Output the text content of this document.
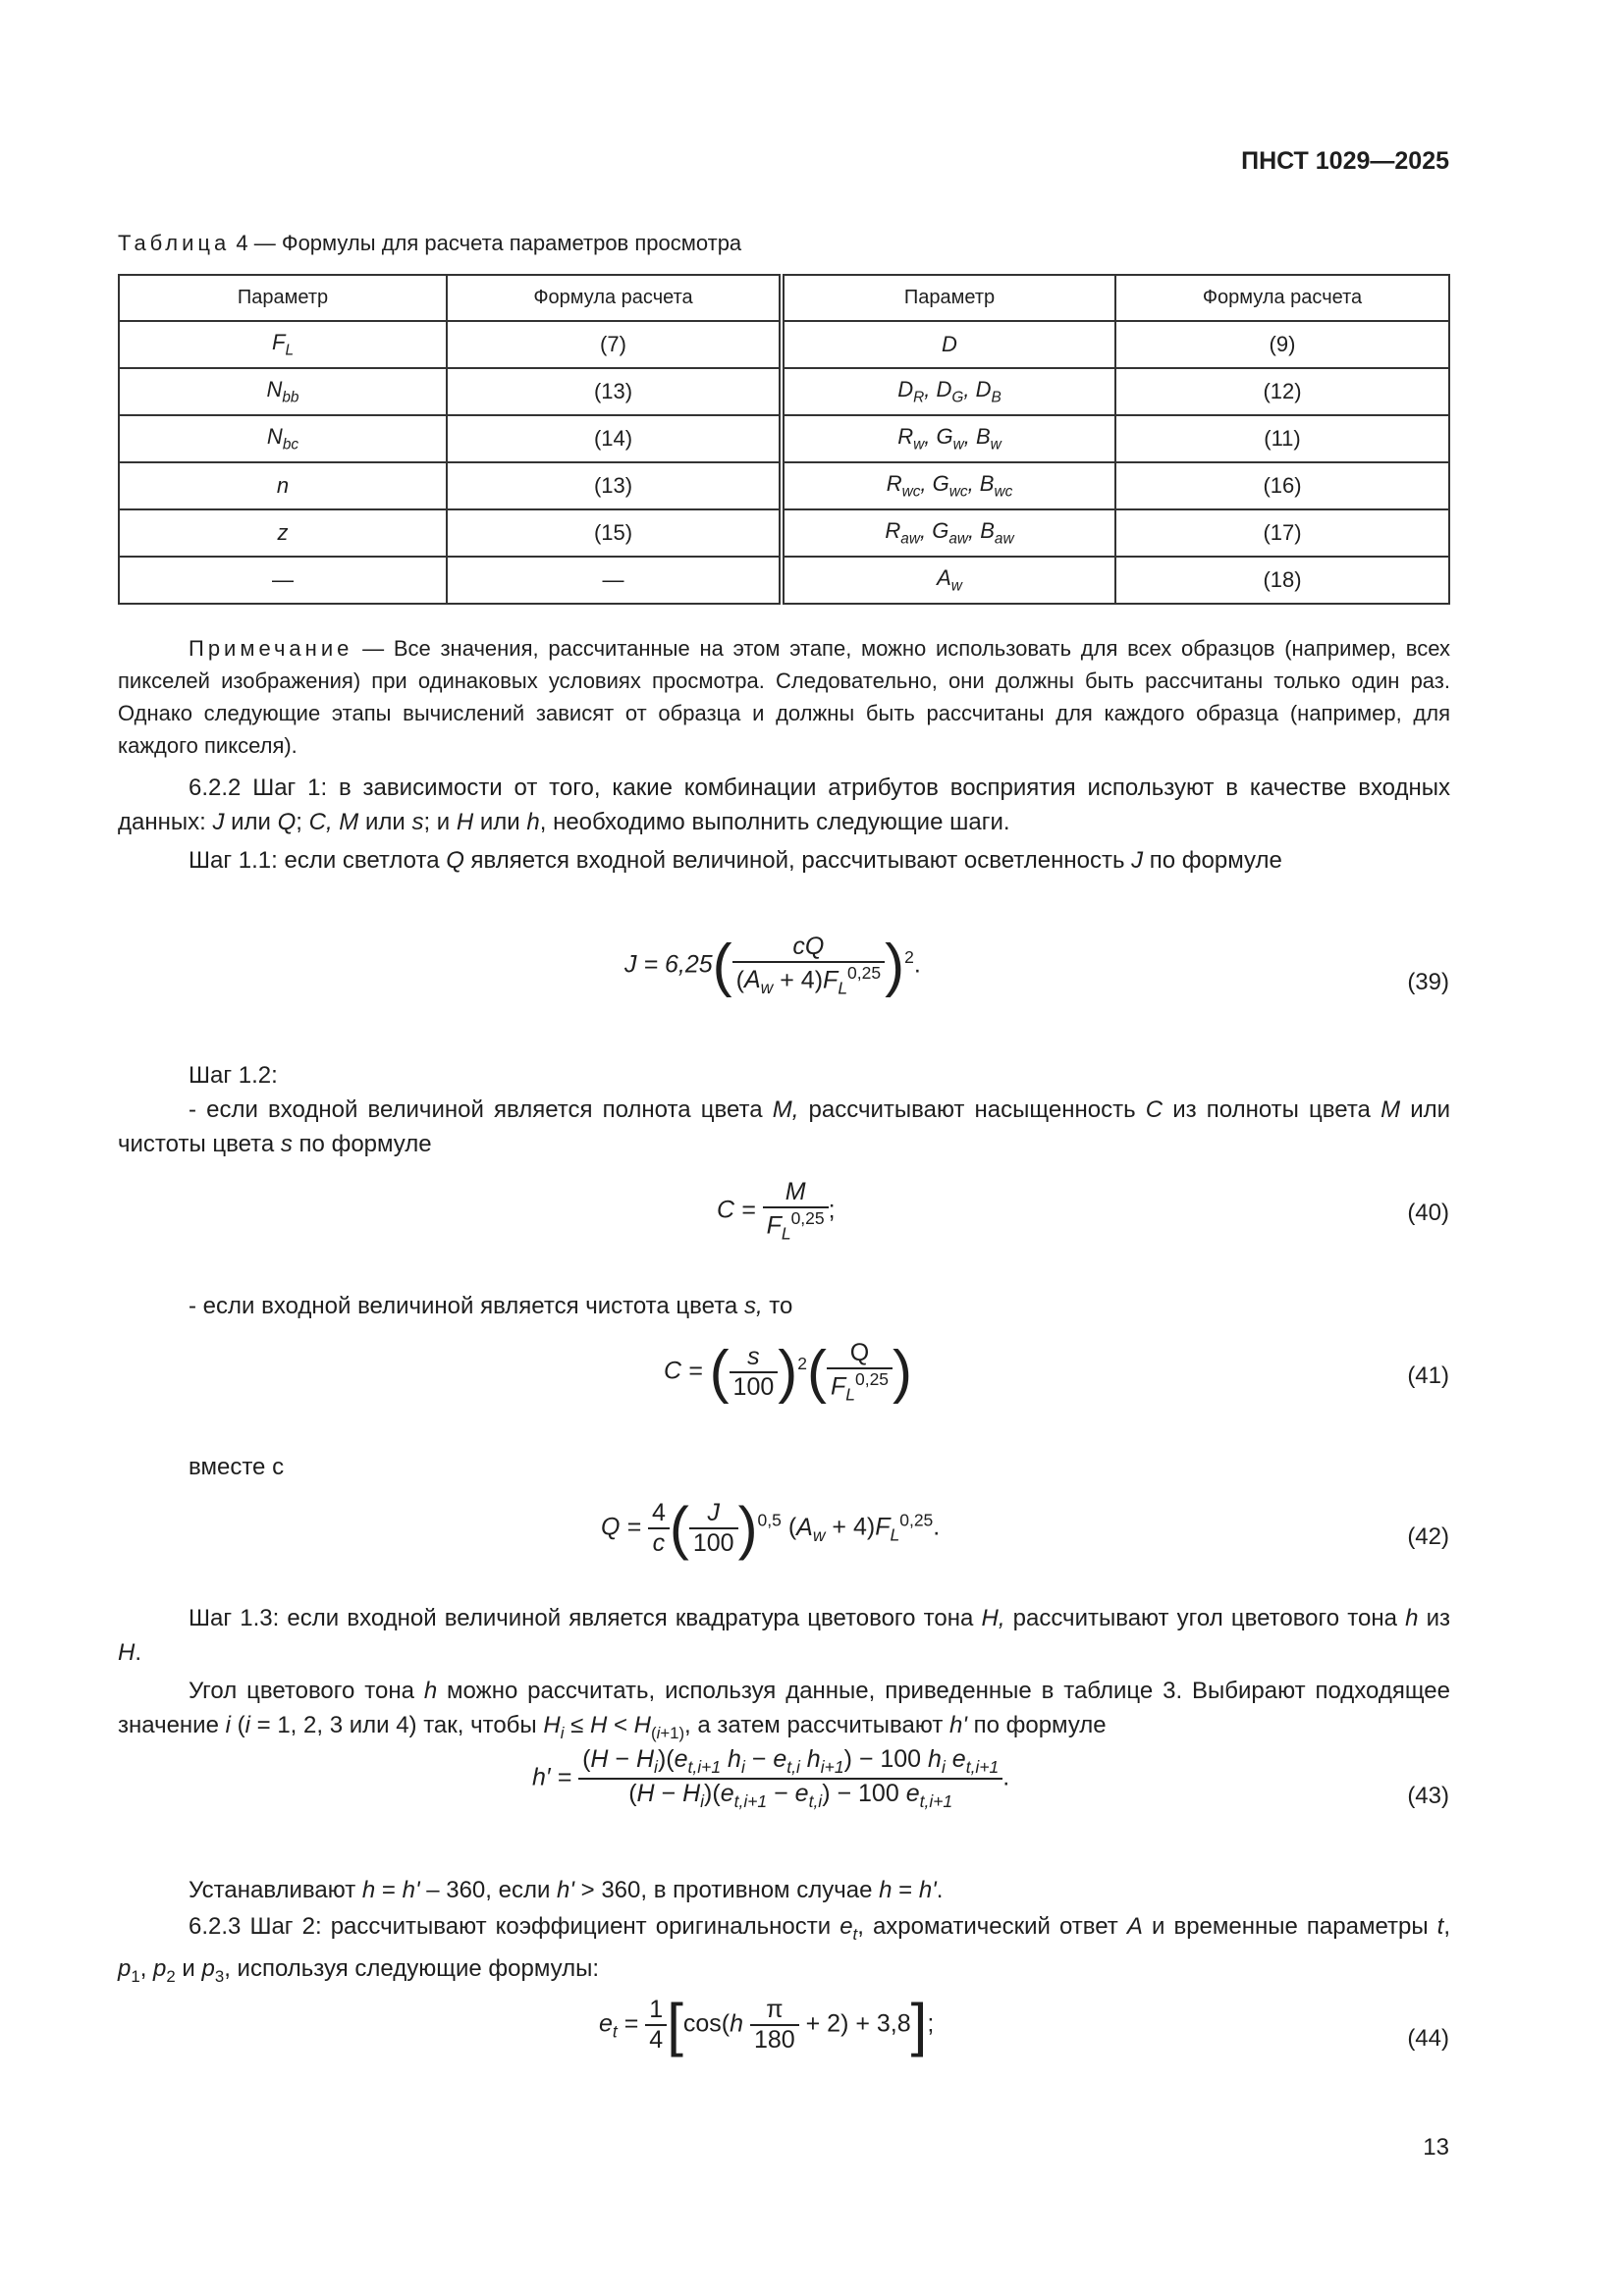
ПНСТ 1029—2025
Таблица 4 — Формулы для расчета параметров просмотра
Параметр	Формула расчета	Параметр	Формула расчета
$F_L$	(7)	D	(9)
$N_{bb}$	(13)	$D_R$, $D_G$, $D_B$	(12)
$N_{bc}$	(14)	$R_w$, $G_w$, $B_w$	(11)
n	(13)	$R_{wc}$, $G_{wc}$, $B_{wc}$	(16)
z	(15)	$R_{aw}$, $G_{aw}$, $B_{aw}$	(17)
—	—	$A_w$	(18)
Примечание — Все значения, рассчитанные на этом этапе, можно использовать для всех образцов (например, всех пикселей изображения) при одинаковых условиях просмотра. Следовательно, они должны быть рассчитаны только один раз. Однако следующие этапы вычислений зависят от образца и должны быть рассчитаны для каждого образца (например, для каждого пикселя).
6.2.2 Шаг 1: в зависимости от того, какие комбинации атрибутов восприятия используют в качестве входных данных: J или Q; C, M или s; и H или h, необходимо выполнить следующие шаги.
Шаг 1.1: если светлота Q является входной величиной, рассчитывают осветленность J по формуле
$J = 6,25( \frac{cQ}{(A_w + 4)F_L^{0,25}} )^2$.
(39)
Шаг 1.2:
- если входной величиной является полнота цвета M, рассчитывают насыщенность C из полноты цвета M или чистоты цвета s по формуле
$C = \frac{M}{F_L^{0,25}}$ ;	(40)
- если входной величиной является чистота цвета s, то
C = ( $\frac{s}{100} )^2( \frac{Q}{F_L^{0,25}}$ )	(41)
вместе с
$Q = \frac{4}{c}$ ( $\frac{J}{100} )^{0,5}$ $(A_w + 4)F_L^{0,25}$.	(42)
Шаг 1.3: если входной величиной является квадратура цветового тона H, рассчитывают угол цветового тона h из H.
Угол цветового тона h можно рассчитать, используя данные, приведенные в таблице 3. Выбирают подходящее значение i (i = 1, 2, 3 или 4) так, чтобы $H_i \le H < H_{(i+1)}$, а затем рассчитывают h' по формуле
$h' = \frac{(H - H_i)(e_{t,i+1} h_i - e_{t,i} h_{i+1}) - 100 h_i e_{t,i+1}}{(H - H_i)(e_{t,i+1} - e_{t,i}) - 100 e_{t,i+1}}$ .
(43)
Устанавливают h = h' – 360, если h' > 360, в противном случае h = h'.
6.2.3 Шаг 2: рассчитывают коэффициент оригинальности $e_t$, ахроматический ответ A и временные параметры t, $p_1$, $p_2$ и $p_3$, используя следующие формулы:
$e_t = \frac{1}{4} [\cos(h \frac{\pi}{180} + 2) + 3,8]$;
(44)
13
